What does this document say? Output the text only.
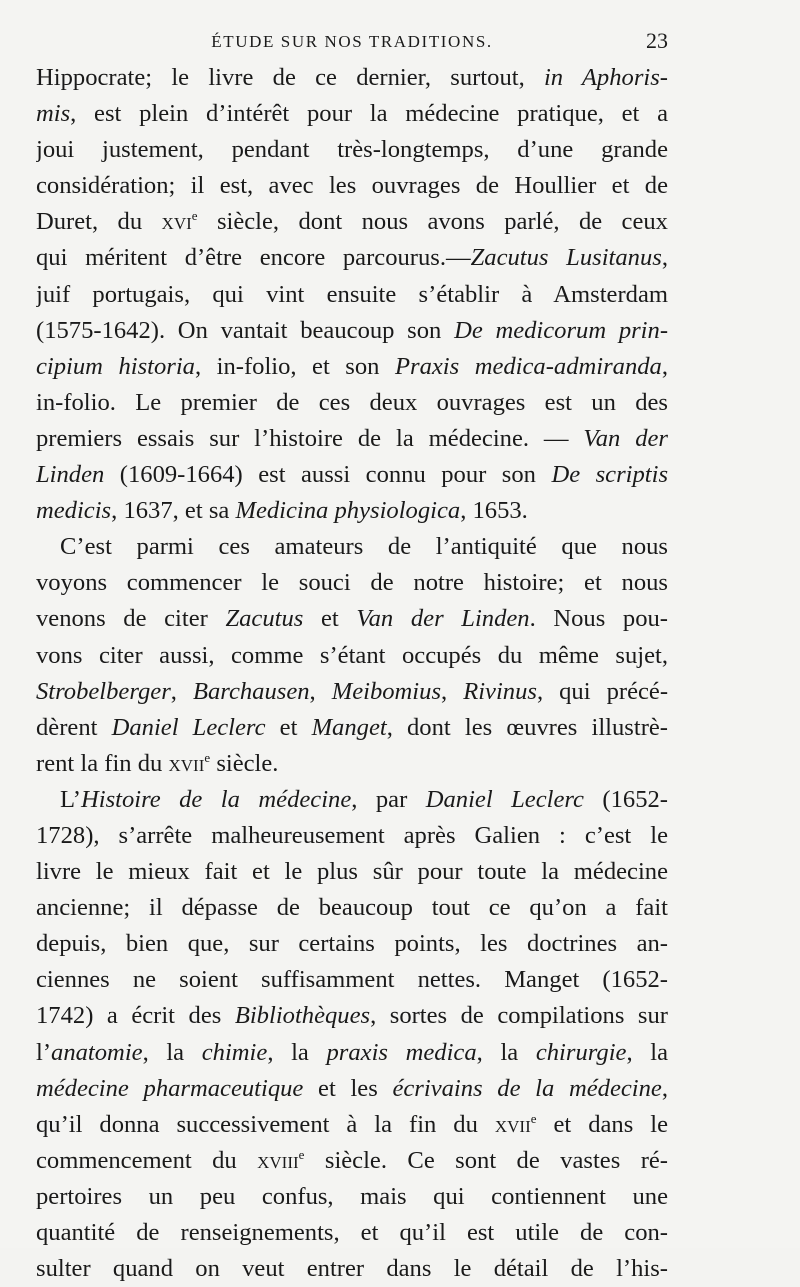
ÉTUDE SUR NOS TRADITIONS.	23
Hippocrate; le livre de ce dernier, surtout, in Aphoris-
mis, est plein d’intérêt pour la médecine pratique, et a
joui justement, pendant très-longtemps, d’une grande
considération; il est, avec les ouvrages de Houllier et de
Duret, du xvi$^e$ siècle, dont nous avons parlé, de ceux
qui méritent d’être encore parcourus.—Zacutus Lusitanus,
juif portugais, qui vint ensuite s’établir à Amsterdam
(1575-1642). On vantait beaucoup son De medicorum prin-
cipium historia, in-folio, et son Praxis medica-admiranda,
in-folio. Le premier de ces deux ouvrages est un des
premiers essais sur l’histoire de la médecine. — Van der
Linden (1609-1664) est aussi connu pour son De scriptis
medicis, 1637, et sa Medicina physiologica, 1653.
C’est parmi ces amateurs de l’antiquité que nous
voyons commencer le souci de notre histoire; et nous
venons de citer Zacutus et Van der Linden. Nous pou-
vons citer aussi, comme s’étant occupés du même sujet,
Strobelberger, Barchausen, Meibomius, Rivinus, qui précé-
dèrent Daniel Leclerc et Manget, dont les œuvres illustrè-
rent la fin du xvii$^e$ siècle.
L’Histoire de la médecine, par Daniel Leclerc (1652-
1728), s’arrête malheureusement après Galien : c’est le
livre le mieux fait et le plus sûr pour toute la médecine
ancienne; il dépasse de beaucoup tout ce qu’on a fait
depuis, bien que, sur certains points, les doctrines an-
ciennes ne soient suffisamment nettes. Manget (1652-
1742) a écrit des Bibliothèques, sortes de compilations sur
l’anatomie, la chimie, la praxis medica, la chirurgie, la
médecine pharmaceutique et les écrivains de la médecine,
qu’il donna successivement à la fin du xvii$^e$ et dans le
commencement du xviii$^e$ siècle. Ce sont de vastes ré-
pertoires un peu confus, mais qui contiennent une
quantité de renseignements, et qu’il est utile de con-
sulter quand on veut entrer dans le détail de l’his-
